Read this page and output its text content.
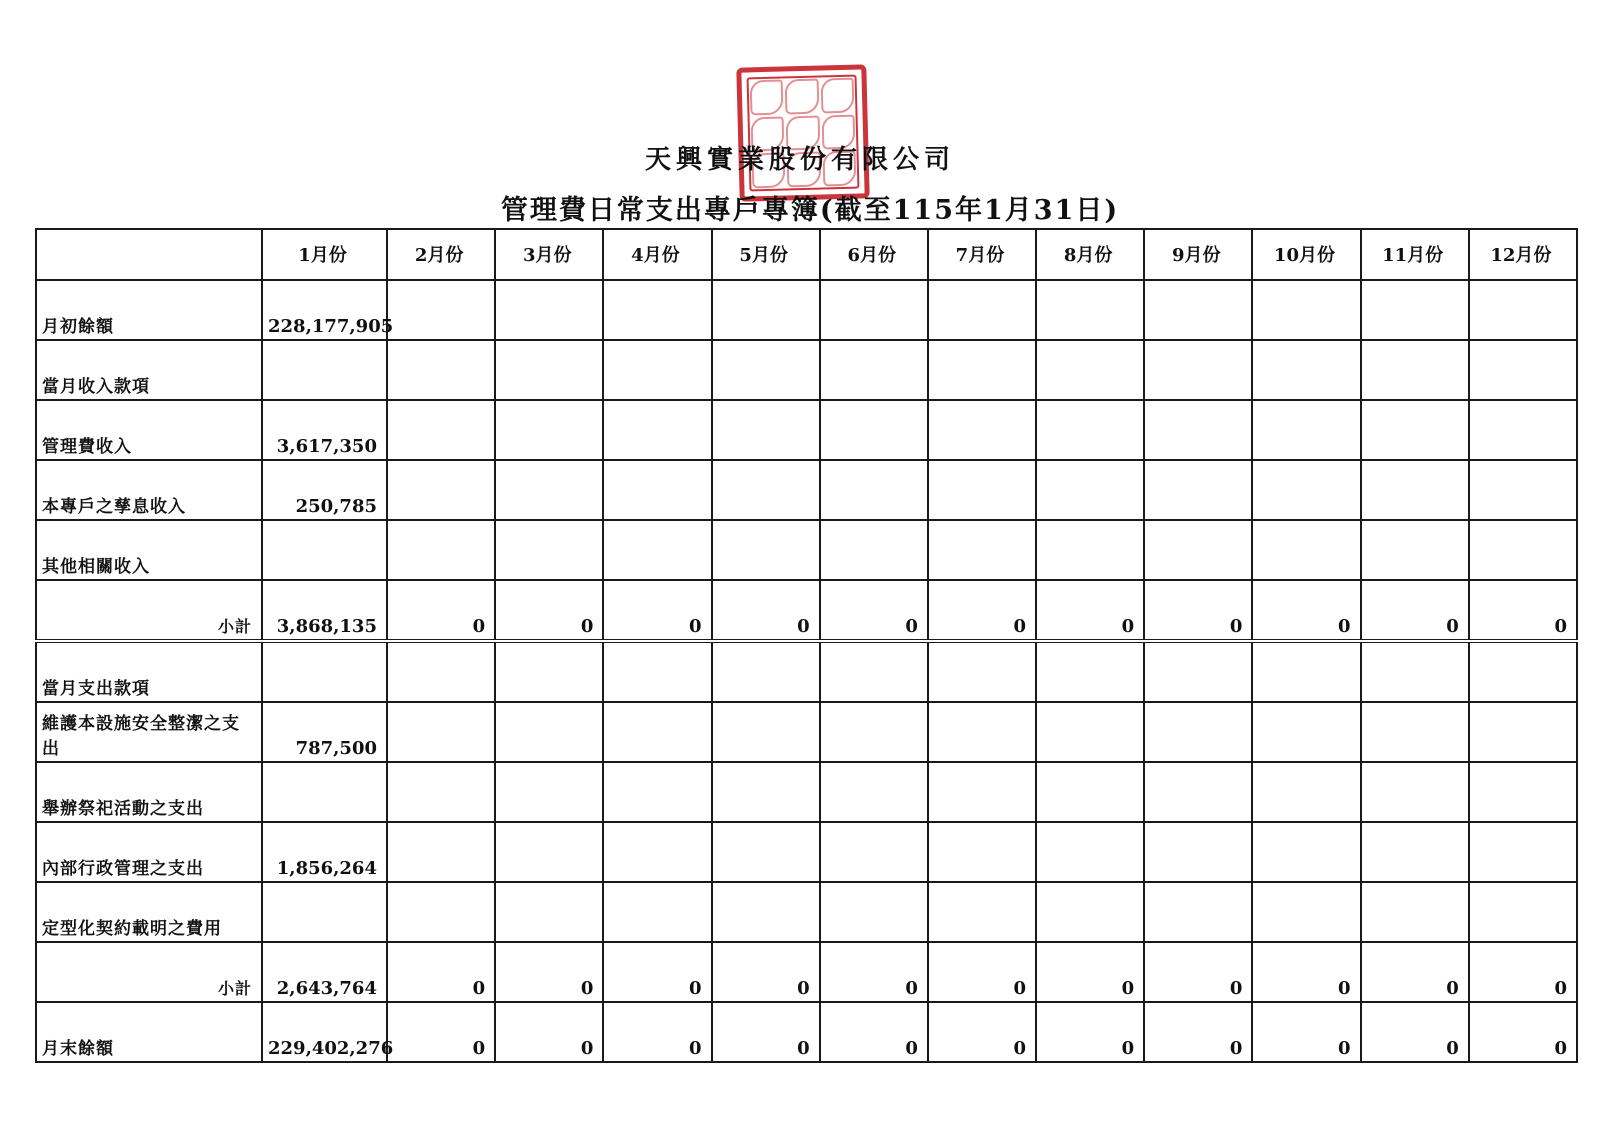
天興實業股份有限公司
管理費日常支出專戶專簿(截至115年1月31日)
	1月份	2月份	3月份	4月份	5月份	6月份	7月份	8月份	9月份	10月份	11月份	12月份
月初餘額	228,177,905											
當月收入款項												
管理費收入	3,617,350											
本專戶之孳息收入	250,785											
其他相關收入												
小計	3,868,135	0	0	0	0	0	0	0	0	0	0	0
當月支出款項												
維護本設施安全整潔之支出	787,500											
舉辦祭祀活動之支出												
內部行政管理之支出	1,856,264											
定型化契約載明之費用												
小計	2,643,764	0	0	0	0	0	0	0	0	0	0	0
月末餘額	229,402,276	0	0	0	0	0	0	0	0	0	0	0
